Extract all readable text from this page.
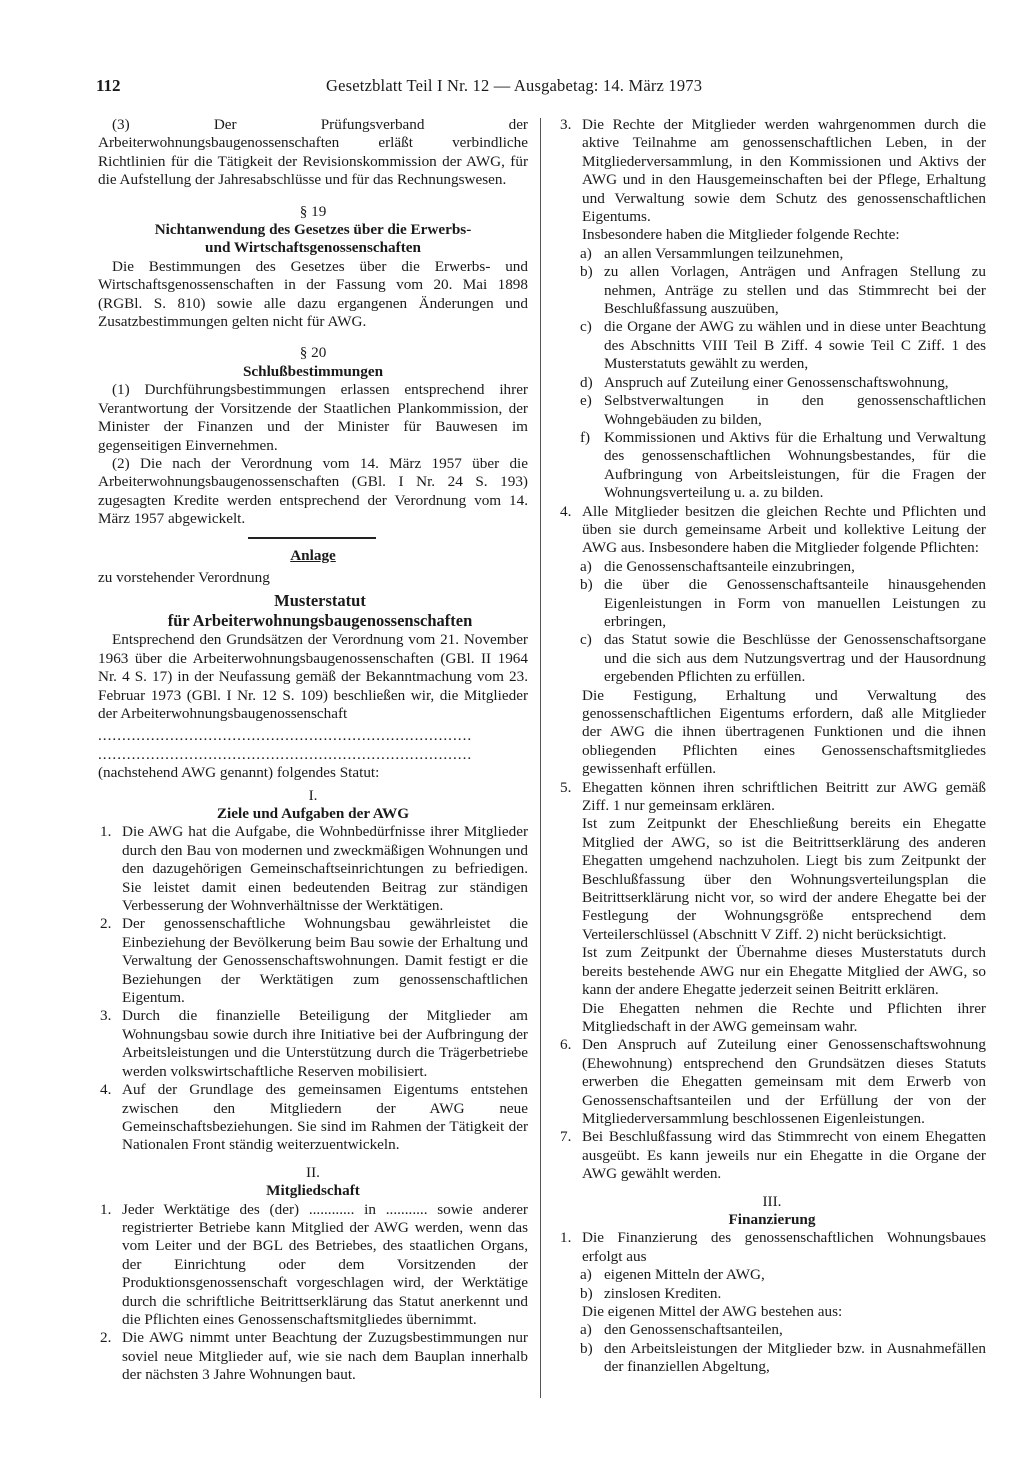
112	Gesetzblatt Teil I Nr. 12 — Ausgabetag: 14. März 1973

(3) Der Prüfungsverband der Arbeiterwohnungsbaugenossenschaften erläßt verbindliche Richtlinien für die Tätigkeit der Revisionskommission der AWG, für die Aufstellung der Jahresabschlüsse und für das Rechnungswesen.

§ 19

Nichtanwendung des Gesetzes über die Erwerbs-

und Wirtschaftsgenossenschaften

Die Bestimmungen des Gesetzes über die Erwerbs- und Wirtschaftsgenossenschaften in der Fassung vom 20. Mai 1898 (RGBl. S. 810) sowie alle dazu ergangenen Änderungen und Zusatzbestimmungen gelten nicht für AWG.

§ 20

Schlußbestimmungen

(1) Durchführungsbestimmungen erlassen entsprechend ihrer Verantwortung der Vorsitzende der Staatlichen Plankommission, der Minister der Finanzen und der Minister für Bauwesen im gegenseitigen Einvernehmen.

(2) Die nach der Verordnung vom 14. März 1957 über die Arbeiterwohnungsbaugenossenschaften (GBl. I Nr. 24 S. 193) zugesagten Kredite werden entsprechend der Verordnung vom 14. März 1957 abgewickelt.

Anlage

zu vorstehender Verordnung

Musterstatut

für Arbeiterwohnungsbaugenossenschaften

Entsprechend den Grundsätzen der Verordnung vom 21. November 1963 über die Arbeiterwohnungsbaugenossenschaften (GBl. II 1964 Nr. 4 S. 17) in der Neufassung gemäß der Bekanntmachung vom 23. Februar 1973 (GBl. I Nr. 12 S. 109) beschließen wir, die Mitglieder der Arbeiterwohnungsbaugenossenschaft

..............................................................................

..............................................................................

(nachstehend AWG genannt) folgendes Statut:

I.

Ziele und Aufgaben der AWG

1. Die AWG hat die Aufgabe, die Wohnbedürfnisse ihrer Mitglieder durch den Bau von modernen und zweckmäßigen Wohnungen und den dazugehörigen Gemeinschaftseinrichtungen zu befriedigen. Sie leistet damit einen bedeutenden Beitrag zur ständigen Verbesserung der Wohnverhältnisse der Werktätigen.
2. Der genossenschaftliche Wohnungsbau gewährleistet die Einbeziehung der Bevölkerung beim Bau sowie der Erhaltung und Verwaltung der Genossenschaftswohnungen. Damit festigt er die Beziehungen der Werktätigen zum genossenschaftlichen Eigentum.
3. Durch die finanzielle Beteiligung der Mitglieder am Wohnungsbau sowie durch ihre Initiative bei der Aufbringung der Arbeitsleistungen und die Unterstützung durch die Trägerbetriebe werden volkswirtschaftliche Reserven mobilisiert.
4. Auf der Grundlage des gemeinsamen Eigentums entstehen zwischen den Mitgliedern der AWG neue Gemeinschaftsbeziehungen. Sie sind im Rahmen der Tätigkeit der Nationalen Front ständig weiterzuentwickeln.

II.

Mitgliedschaft

1. Jeder Werktätige des (der) ............ in ........... sowie anderer registrierter Betriebe kann Mitglied der AWG werden, wenn das vom Leiter und der BGL des Betriebes, des staatlichen Organs, der Einrichtung oder dem Vorsitzenden der Produktionsgenossenschaft vorgeschlagen wird, der Werktätige durch die schriftliche Beitrittserklärung das Statut anerkennt und die Pflichten eines Genossenschaftsmitgliedes übernimmt.
2. Die AWG nimmt unter Beachtung der Zuzugsbestimmungen nur soviel neue Mitglieder auf, wie sie nach dem Bauplan innerhalb der nächsten 3 Jahre Wohnungen baut.
3. Die Rechte der Mitglieder werden wahrgenommen durch die aktive Teilnahme am genossenschaftlichen Leben, in der Mitgliederversammlung, in den Kommissionen und Aktivs der AWG und in den Hausgemeinschaften bei der Pflege, Erhaltung und Verwaltung sowie dem Schutz des genossenschaftlichen Eigentums.

Insbesondere haben die Mitglieder folgende Rechte:

a) an allen Versammlungen teilzunehmen,
b) zu allen Vorlagen, Anträgen und Anfragen Stellung zu nehmen, Anträge zu stellen und das Stimmrecht bei der Beschlußfassung auszuüben,
c) die Organe der AWG zu wählen und in diese unter Beachtung des Abschnitts VIII Teil B Ziff. 4 sowie Teil C Ziff. 1 des Musterstatuts gewählt zu werden,
d) Anspruch auf Zuteilung einer Genossenschaftswohnung,
e) Selbstverwaltungen in den genossenschaftlichen Wohngebäuden zu bilden,
f) Kommissionen und Aktivs für die Erhaltung und Verwaltung des genossenschaftlichen Wohnungsbestandes, für die Aufbringung von Arbeitsleistungen, für die Fragen der Wohnungsverteilung u. a. zu bilden.
4. Alle Mitglieder besitzen die gleichen Rechte und Pflichten und üben sie durch gemeinsame Arbeit und kollektive Leitung der AWG aus. Insbesondere haben die Mitglieder folgende Pflichten:
a) die Genossenschaftsanteile einzubringen,
b) die über die Genossenschaftsanteile hinausgehenden Eigenleistungen in Form von manuellen Leistungen zu erbringen,
c) das Statut sowie die Beschlüsse der Genossenschaftsorgane und die sich aus dem Nutzungsvertrag und der Hausordnung ergebenden Pflichten zu erfüllen.

Die Festigung, Erhaltung und Verwaltung des genossenschaftlichen Eigentums erfordern, daß alle Mitglieder der AWG die ihnen übertragenen Funktionen und die ihnen obliegenden Pflichten eines Genossenschaftsmitgliedes gewissenhaft erfüllen.

5. Ehegatten können ihren schriftlichen Beitritt zur AWG gemäß Ziff. 1 nur gemeinsam erklären.

Ist zum Zeitpunkt der Eheschließung bereits ein Ehegatte Mitglied der AWG, so ist die Beitrittserklärung des anderen Ehegatten umgehend nachzuholen. Liegt bis zum Zeitpunkt der Beschlußfassung über den Wohnungsverteilungsplan die Beitrittserklärung nicht vor, so wird der andere Ehegatte bei der Festlegung der Wohnungsgröße entsprechend dem Verteilerschlüssel (Abschnitt V Ziff. 2) nicht berücksichtigt.

Ist zum Zeitpunkt der Übernahme dieses Musterstatuts durch bereits bestehende AWG nur ein Ehegatte Mitglied der AWG, so kann der andere Ehegatte jederzeit seinen Beitritt erklären.

Die Ehegatten nehmen die Rechte und Pflichten ihrer Mitgliedschaft in der AWG gemeinsam wahr.

6. Den Anspruch auf Zuteilung einer Genossenschaftswohnung (Ehewohnung) entsprechend den Grundsätzen dieses Statuts erwerben die Ehegatten gemeinsam mit dem Erwerb von Genossenschaftsanteilen und der Erfüllung der von der Mitgliederversammlung beschlossenen Eigenleistungen.
7. Bei Beschlußfassung wird das Stimmrecht von einem Ehegatten ausgeübt. Es kann jeweils nur ein Ehegatte in die Organe der AWG gewählt werden.

III.

Finanzierung

1. Die Finanzierung des genossenschaftlichen Wohnungsbaues erfolgt aus
a) eigenen Mitteln der AWG,
b) zinslosen Krediten.

Die eigenen Mittel der AWG bestehen aus:

a) den Genossenschaftsanteilen,
b) den Arbeitsleistungen der Mitglieder bzw. in Ausnahmefällen der finanziellen Abgeltung,
